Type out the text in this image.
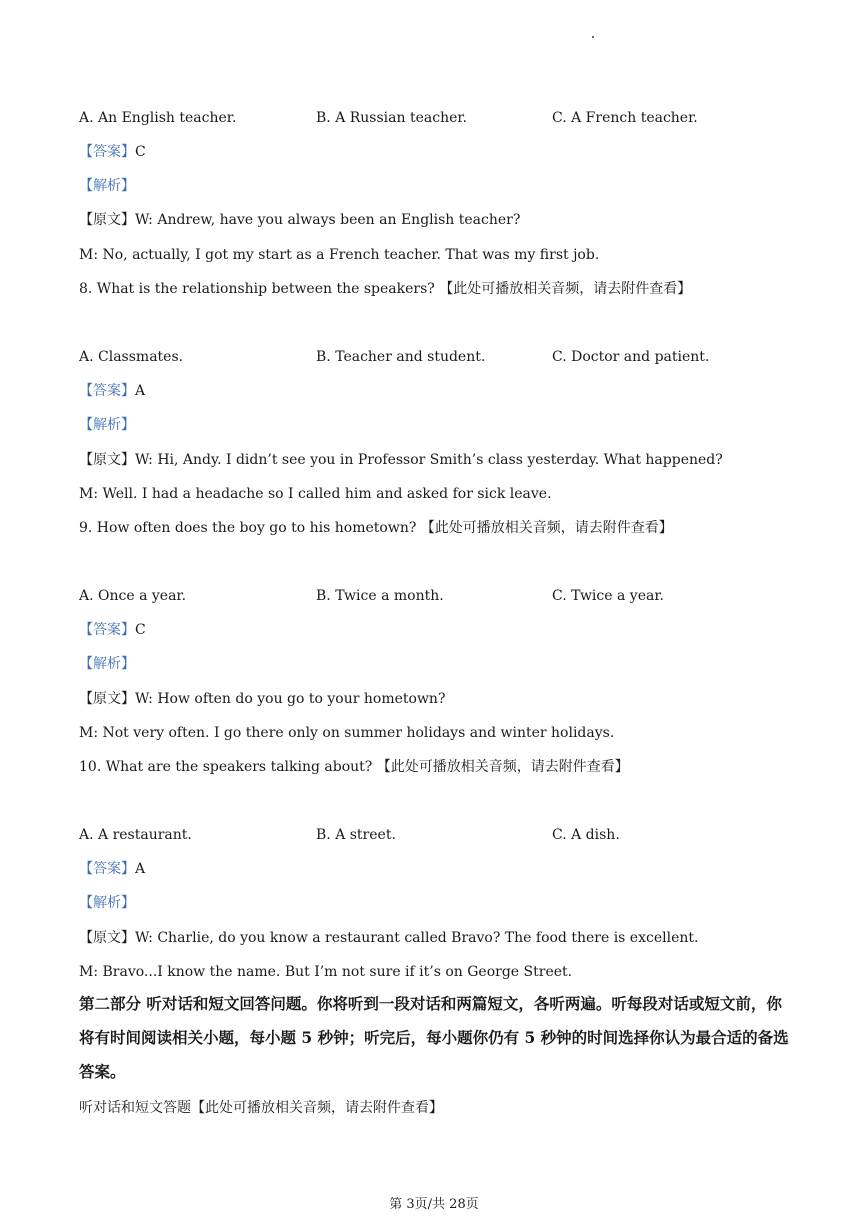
A. An English teacher.	B. A Russian teacher.	C. A French teacher.
【答案】C
【解析】
【原文】W: Andrew, have you always been an English teacher?
M: No, actually, I got my start as a French teacher. That was my first job.
8. What is the relationship between the speakers? 【此处可播放相关音频，请去附件查看】
A. Classmates.	B. Teacher and student.	C. Doctor and patient.
【答案】A
【解析】
【原文】W: Hi, Andy. I didn’t see you in Professor Smith’s class yesterday. What happened?
M: Well. I had a headache so I called him and asked for sick leave.
9. How often does the boy go to his hometown? 【此处可播放相关音频，请去附件查看】
A. Once a year.	B. Twice a month.	C. Twice a year.
【答案】C
【解析】
【原文】W: How often do you go to your hometown?
M: Not very often. I go there only on summer holidays and winter holidays.
10. What are the speakers talking about? 【此处可播放相关音频，请去附件查看】
A. A restaurant.	B. A street.	C. A dish.
【答案】A
【解析】
【原文】W: Charlie, do you know a restaurant called Bravo? The food there is excellent.
M: Bravo...I know the name. But I’m not sure if it’s on George Street.
第二部分 听对话和短文回答问题。你将听到一段对话和两篇短文，各听两遍。听每段对话或短文前，你将有时间阅读相关小题，每小题 5 秒钟；听完后，每小题你仍有 5 秒钟的时间选择你认为最合适的备选答案。
听对话和短文答题【此处可播放相关音频，请去附件查看】
第 3页/共 28页
